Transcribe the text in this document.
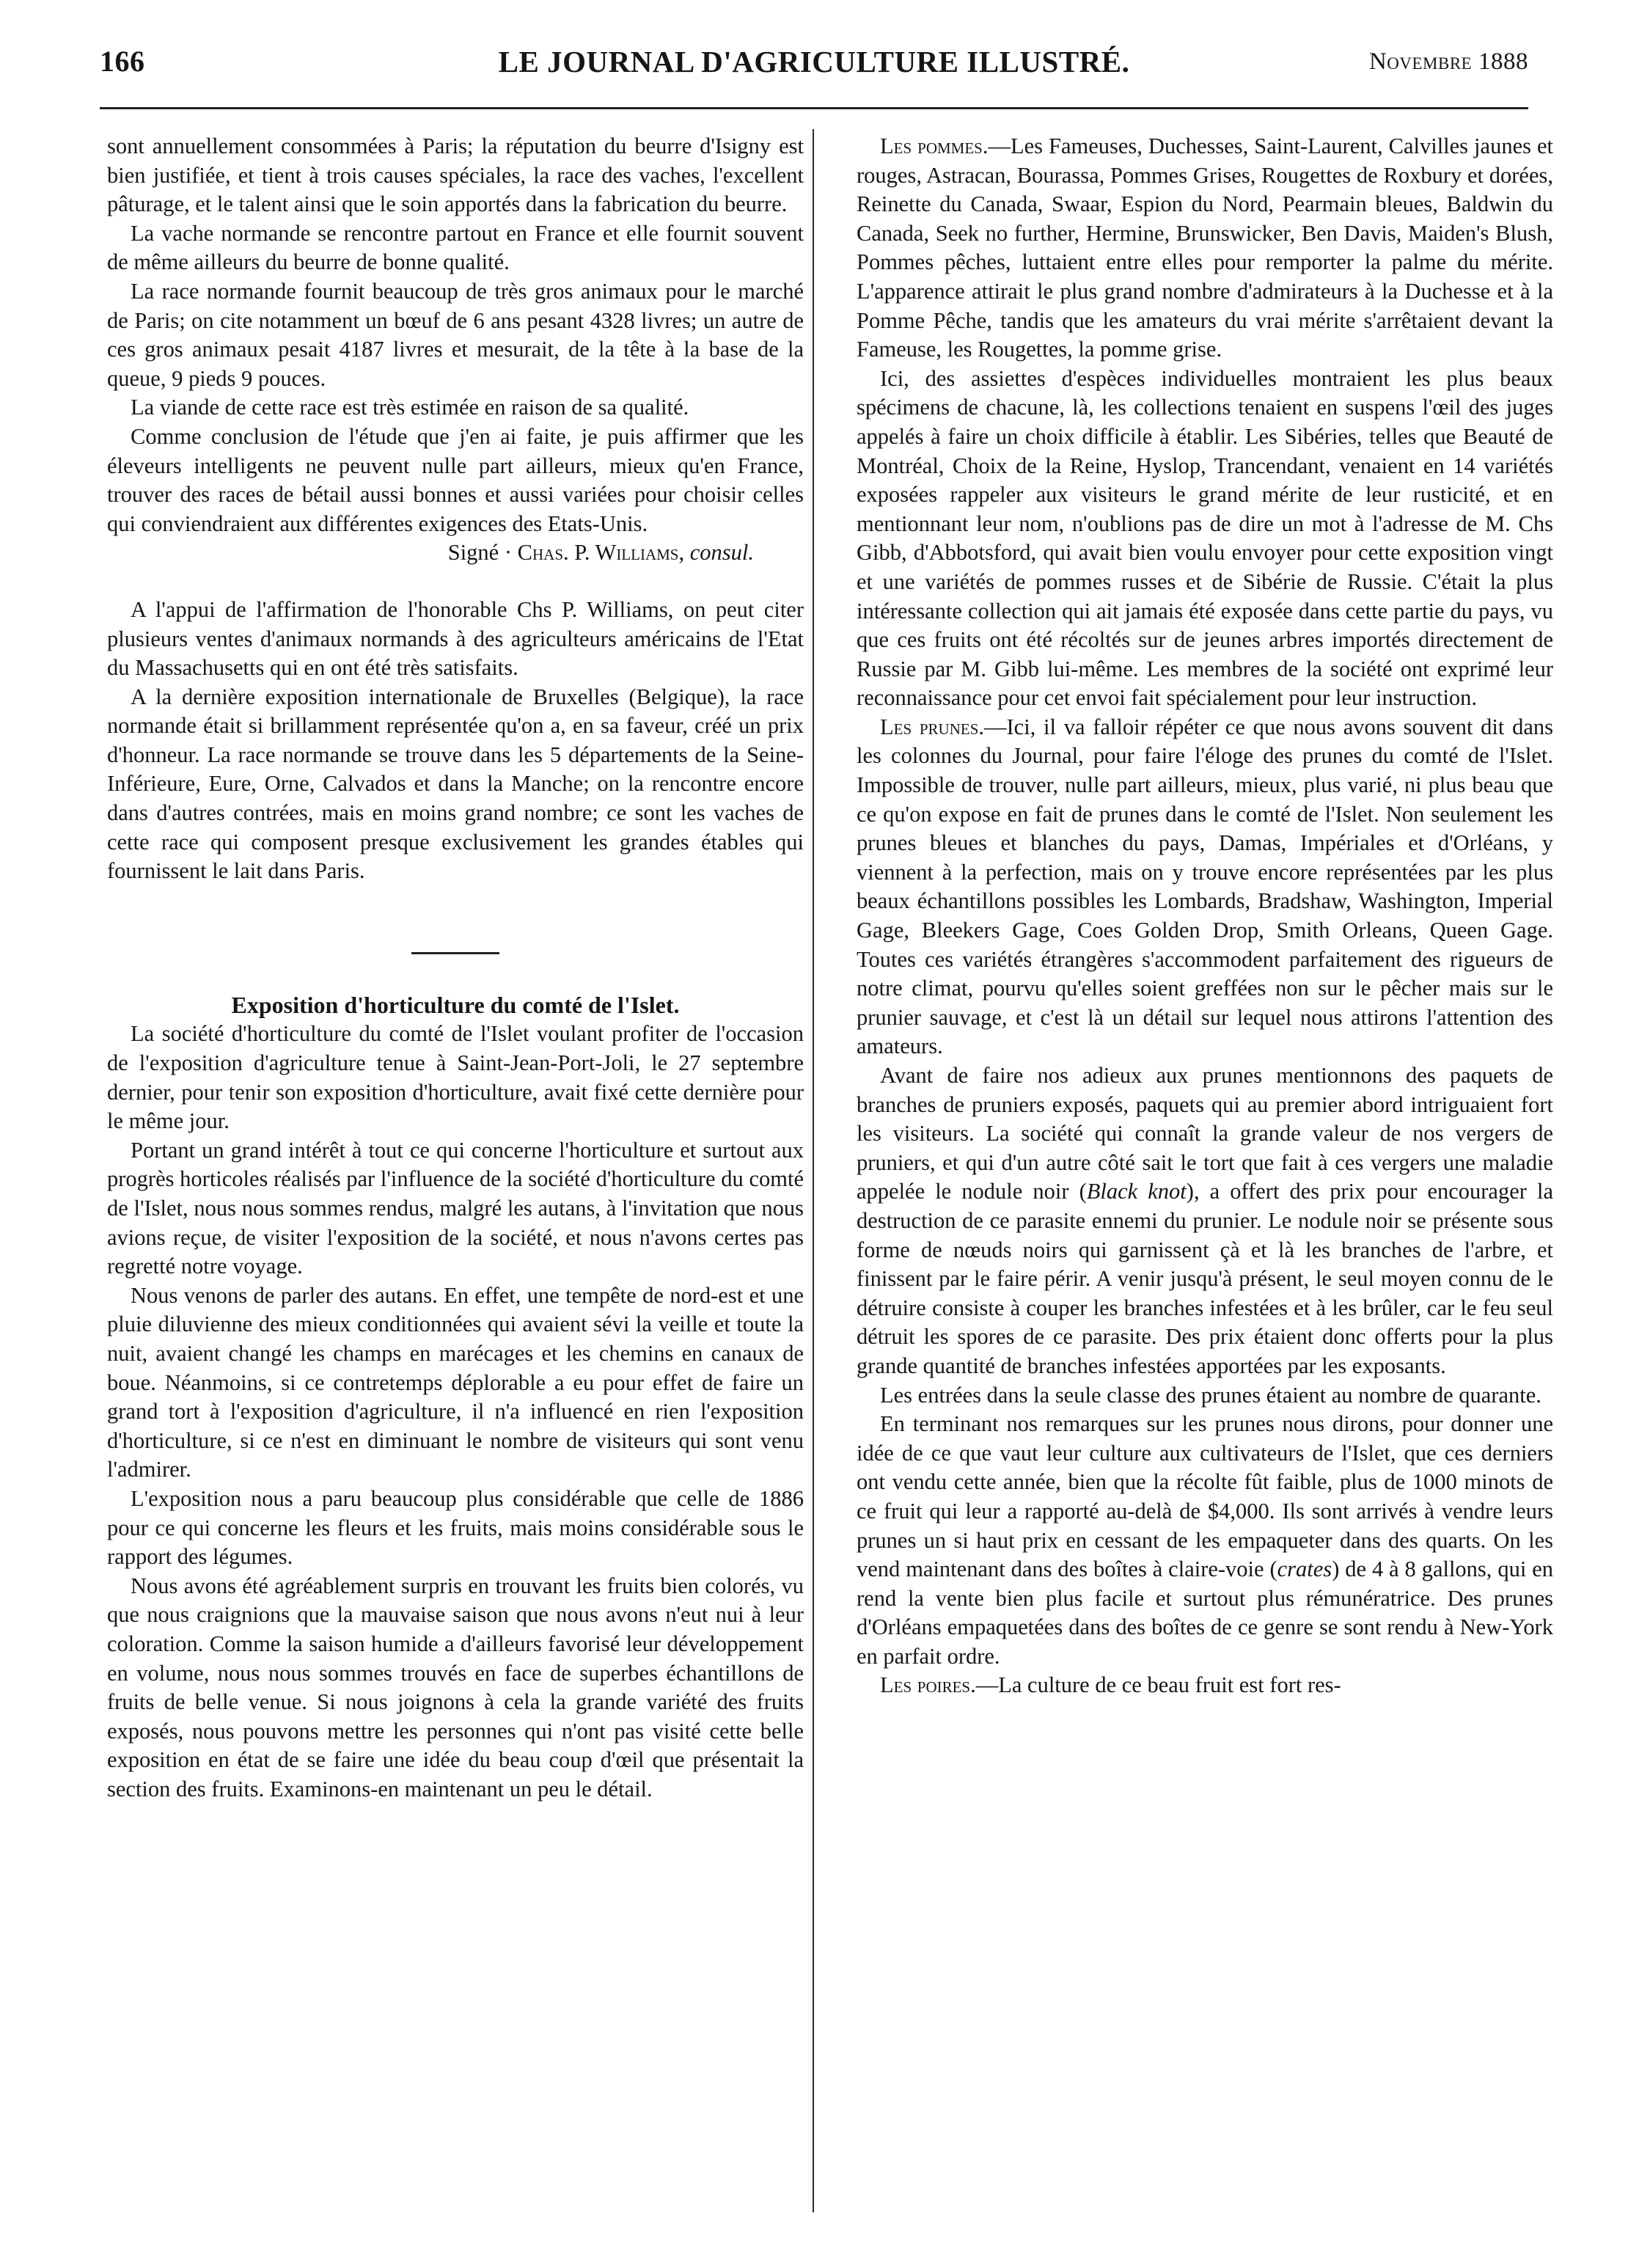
166	LE JOURNAL D'AGRICULTURE ILLUSTRÉ.	Novembre 1888

sont annuellement consommées à Paris; la réputation du beurre d'Isigny est bien justifiée, et tient à trois causes spéciales, la race des vaches, l'excellent pâturage, et le talent ainsi que le soin apportés dans la fabrication du beurre.

La vache normande se rencontre partout en France et elle fournit souvent de même ailleurs du beurre de bonne qualité.

La race normande fournit beaucoup de très gros animaux pour le marché de Paris; on cite notamment un bœuf de 6 ans pesant 4328 livres; un autre de ces gros animaux pesait 4187 livres et mesurait, de la tête à la base de la queue, 9 pieds 9 pouces.

La viande de cette race est très estimée en raison de sa qualité.

Comme conclusion de l'étude que j'en ai faite, je puis affirmer que les éleveurs intelligents ne peuvent nulle part ailleurs, mieux qu'en France, trouver des races de bétail aussi bonnes et aussi variées pour choisir celles qui conviendraient aux différentes exigences des Etats-Unis.

Signé · Chas. P. Williams, consul.

A l'appui de l'affirmation de l'honorable Chs P. Williams, on peut citer plusieurs ventes d'animaux normands à des agriculteurs américains de l'Etat du Massachusetts qui en ont été très satisfaits.

A la dernière exposition internationale de Bruxelles (Belgique), la race normande était si brillamment représentée qu'on a, en sa faveur, créé un prix d'honneur. La race normande se trouve dans les 5 départements de la Seine-Inférieure, Eure, Orne, Calvados et dans la Manche; on la rencontre encore dans d'autres contrées, mais en moins grand nombre; ce sont les vaches de cette race qui composent presque exclusivement les grandes étables qui fournissent le lait dans Paris.

Exposition d'horticulture du comté de l'Islet.

La société d'horticulture du comté de l'Islet voulant profiter de l'occasion de l'exposition d'agriculture tenue à Saint-Jean-Port-Joli, le 27 septembre dernier, pour tenir son exposition d'horticulture, avait fixé cette dernière pour le même jour.

Portant un grand intérêt à tout ce qui concerne l'horticulture et surtout aux progrès horticoles réalisés par l'influence de la société d'horticulture du comté de l'Islet, nous nous sommes rendus, malgré les autans, à l'invitation que nous avions reçue, de visiter l'exposition de la société, et nous n'avons certes pas regretté notre voyage.

Nous venons de parler des autans. En effet, une tempête de nord-est et une pluie diluvienne des mieux conditionnées qui avaient sévi la veille et toute la nuit, avaient changé les champs en marécages et les chemins en canaux de boue. Néanmoins, si ce contretemps déplorable a eu pour effet de faire un grand tort à l'exposition d'agriculture, il n'a influencé en rien l'exposition d'horticulture, si ce n'est en diminuant le nombre de visiteurs qui sont venu l'admirer.

L'exposition nous a paru beaucoup plus considérable que celle de 1886 pour ce qui concerne les fleurs et les fruits, mais moins considérable sous le rapport des légumes.

Nous avons été agréablement surpris en trouvant les fruits bien colorés, vu que nous craignions que la mauvaise saison que nous avons n'eut nui à leur coloration. Comme la saison humide a d'ailleurs favorisé leur développement en volume, nous nous sommes trouvés en face de superbes échantillons de fruits de belle venue. Si nous joignons à cela la grande variété des fruits exposés, nous pouvons mettre les personnes qui n'ont pas visité cette belle exposition en état de se faire une idée du beau coup d'œil que présentait la section des fruits. Examinons-en maintenant un peu le détail.

Les pommes.—Les Fameuses, Duchesses, Saint-Laurent, Calvilles jaunes et rouges, Astracan, Bourassa, Pommes Grises, Rougettes de Roxbury et dorées, Reinette du Canada, Swaar, Espion du Nord, Pearmain bleues, Baldwin du Canada, Seek no further, Hermine, Brunswicker, Ben Davis, Maiden's Blush, Pommes pêches, luttaient entre elles pour remporter la palme du mérite. L'apparence attirait le plus grand nombre d'admirateurs à la Duchesse et à la Pomme Pêche, tandis que les amateurs du vrai mérite s'arrêtaient devant la Fameuse, les Rougettes, la pomme grise.

Ici, des assiettes d'espèces individuelles montraient les plus beaux spécimens de chacune, là, les collections tenaient en suspens l'œil des juges appelés à faire un choix difficile à établir. Les Sibéries, telles que Beauté de Montréal, Choix de la Reine, Hyslop, Trancendant, venaient en 14 variétés exposées rappeler aux visiteurs le grand mérite de leur rusticité, et en mentionnant leur nom, n'oublions pas de dire un mot à l'adresse de M. Chs Gibb, d'Abbotsford, qui avait bien voulu envoyer pour cette exposition vingt et une variétés de pommes russes et de Sibérie de Russie. C'était la plus intéressante collection qui ait jamais été exposée dans cette partie du pays, vu que ces fruits ont été récoltés sur de jeunes arbres importés directement de Russie par M. Gibb lui-même. Les membres de la société ont exprimé leur reconnaissance pour cet envoi fait spécialement pour leur instruction.

Les prunes.—Ici, il va falloir répéter ce que nous avons souvent dit dans les colonnes du Journal, pour faire l'éloge des prunes du comté de l'Islet. Impossible de trouver, nulle part ailleurs, mieux, plus varié, ni plus beau que ce qu'on expose en fait de prunes dans le comté de l'Islet. Non seulement les prunes bleues et blanches du pays, Damas, Impériales et d'Orléans, y viennent à la perfection, mais on y trouve encore représentées par les plus beaux échantillons possibles les Lombards, Bradshaw, Washington, Imperial Gage, Bleekers Gage, Coes Golden Drop, Smith Orleans, Queen Gage. Toutes ces variétés étrangères s'accommodent parfaitement des rigueurs de notre climat, pourvu qu'elles soient greffées non sur le pêcher mais sur le prunier sauvage, et c'est là un détail sur lequel nous attirons l'attention des amateurs.

Avant de faire nos adieux aux prunes mentionnons des paquets de branches de pruniers exposés, paquets qui au premier abord intriguaient fort les visiteurs. La société qui connaît la grande valeur de nos vergers de pruniers, et qui d'un autre côté sait le tort que fait à ces vergers une maladie appelée le nodule noir (Black knot), a offert des prix pour encourager la destruction de ce parasite ennemi du prunier. Le nodule noir se présente sous forme de nœuds noirs qui garnissent çà et là les branches de l'arbre, et finissent par le faire périr. A venir jusqu'à présent, le seul moyen connu de le détruire consiste à couper les branches infestées et à les brûler, car le feu seul détruit les spores de ce parasite. Des prix étaient donc offerts pour la plus grande quantité de branches infestées apportées par les exposants.

Les entrées dans la seule classe des prunes étaient au nombre de quarante.

En terminant nos remarques sur les prunes nous dirons, pour donner une idée de ce que vaut leur culture aux cultivateurs de l'Islet, que ces derniers ont vendu cette année, bien que la récolte fût faible, plus de 1000 minots de ce fruit qui leur a rapporté au-delà de $4,000. Ils sont arrivés à vendre leurs prunes un si haut prix en cessant de les empaqueter dans des quarts. On les vend maintenant dans des boîtes à claire-voie (crates) de 4 à 8 gallons, qui en rend la vente bien plus facile et surtout plus rémunératrice. Des prunes d'Orléans empaquetées dans des boîtes de ce genre se sont rendu à New-York en parfait ordre.

Les poires.—La culture de ce beau fruit est fort res-
